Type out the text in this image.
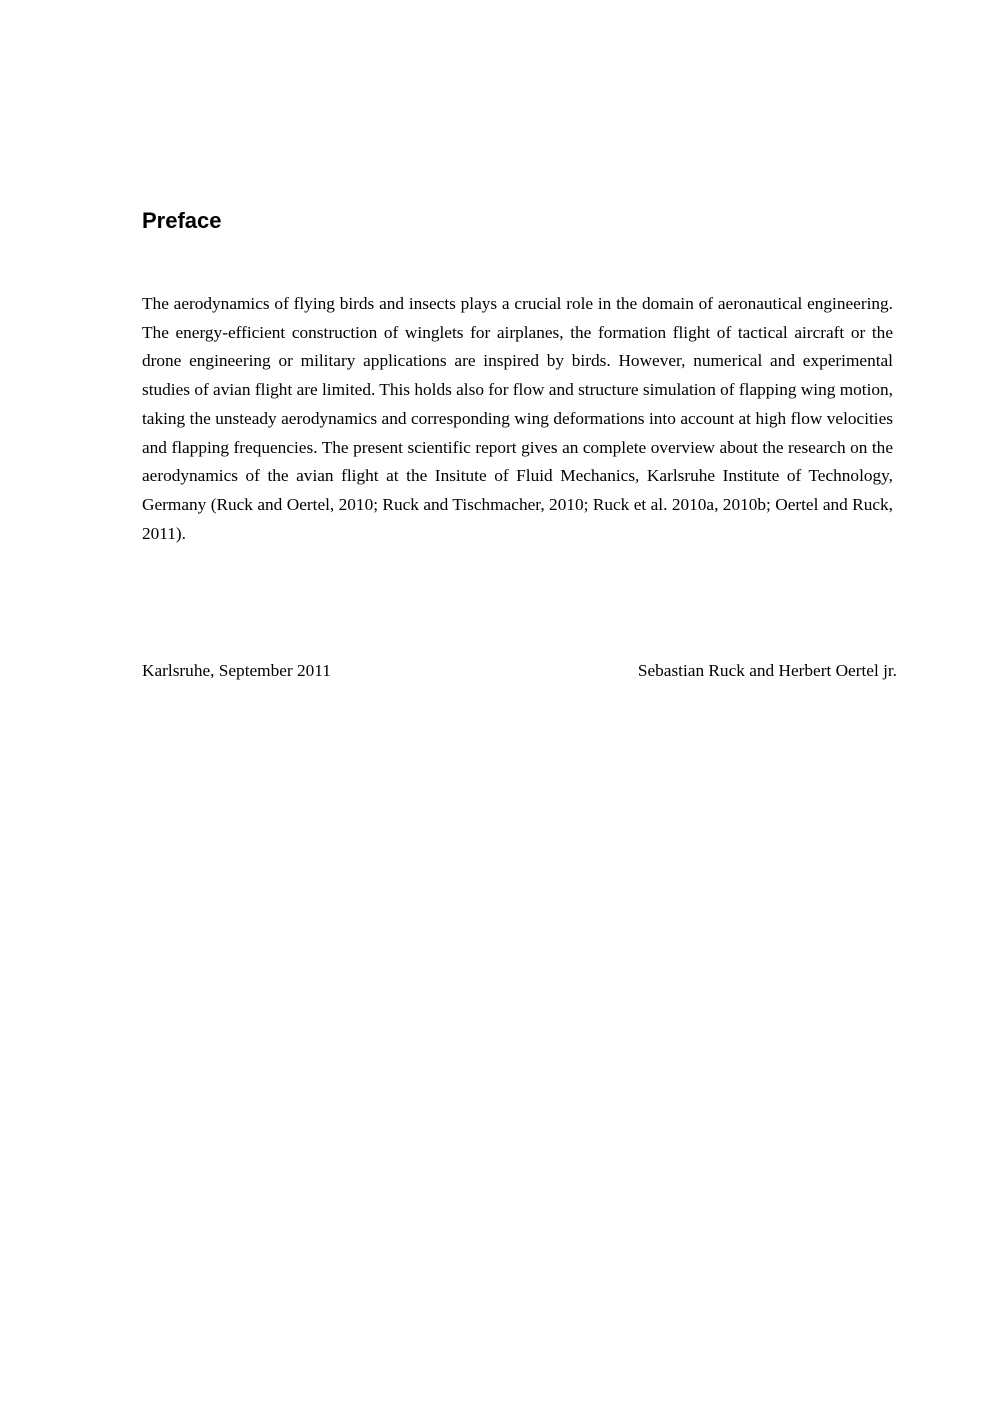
Preface

The aerodynamics of flying birds and insects plays a crucial role in the domain of aeronautical engineering. The energy-efficient construction of winglets for airplanes, the formation flight of tactical aircraft or the drone engineering or military applications are inspired by birds. However, numerical and experimental studies of avian flight are limited. This holds also for flow and structure simulation of flapping wing motion, taking the unsteady aerodynamics and corresponding wing deformations into account at high flow velocities and flapping frequencies. The present scientific report gives an complete overview about the research on the aerodynamics of the avian flight at the Insitute of Fluid Mechanics, Karlsruhe Institute of Technology, Germany (Ruck and Oertel, 2010; Ruck and Tischmacher, 2010; Ruck et al. 2010a, 2010b; Oertel and Ruck, 2011).

Karlsruhe, September 2011	Sebastian Ruck and Herbert Oertel jr.
